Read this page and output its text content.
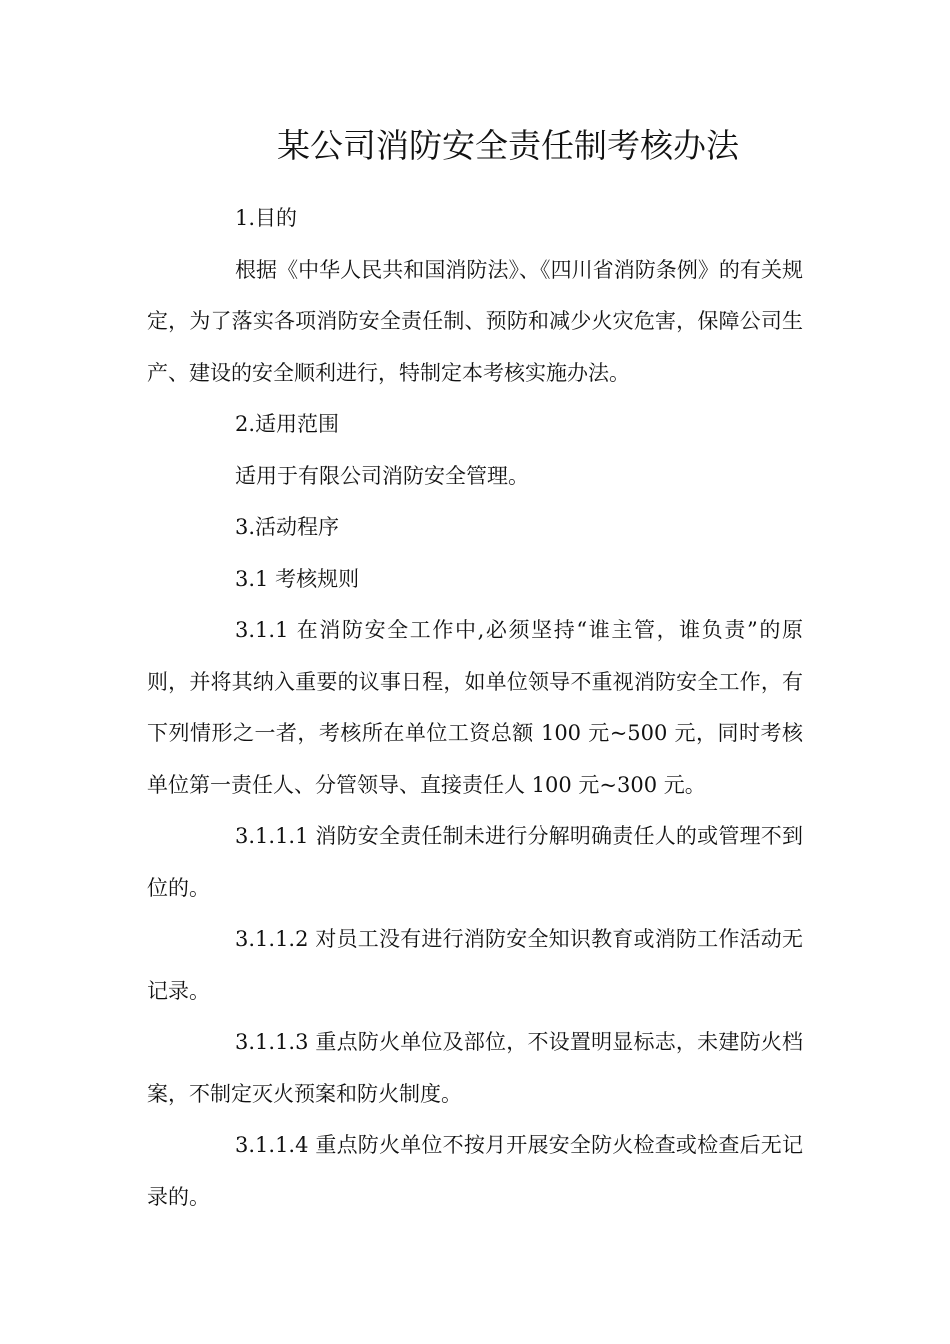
某公司消防安全责任制考核办法

1.目的

根据《中华人民共和国消防法》、《四川省消防条例》的有关规定，为了落实各项消防安全责任制、预防和减少火灾危害，保障公司生产、建设的安全顺利进行，特制定本考核实施办法。

2.适用范围

适用于有限公司消防安全管理。

3.活动程序

3.1 考核规则

3.1.1 在消防安全工作中,必须坚持“谁主管，谁负责”的原则，并将其纳入重要的议事日程，如单位领导不重视消防安全工作，有下列情形之一者，考核所在单位工资总额 100 元~500 元，同时考核单位第一责任人、分管领导、直接责任人 100 元~300 元。

3.1.1.1 消防安全责任制未进行分解明确责任人的或管理不到位的。

3.1.1.2 对员工没有进行消防安全知识教育或消防工作活动无记录。

3.1.1.3 重点防火单位及部位，不设置明显标志，未建防火档案，不制定灭火预案和防火制度。

3.1.1.4 重点防火单位不按月开展安全防火检查或检查后无记录的。
